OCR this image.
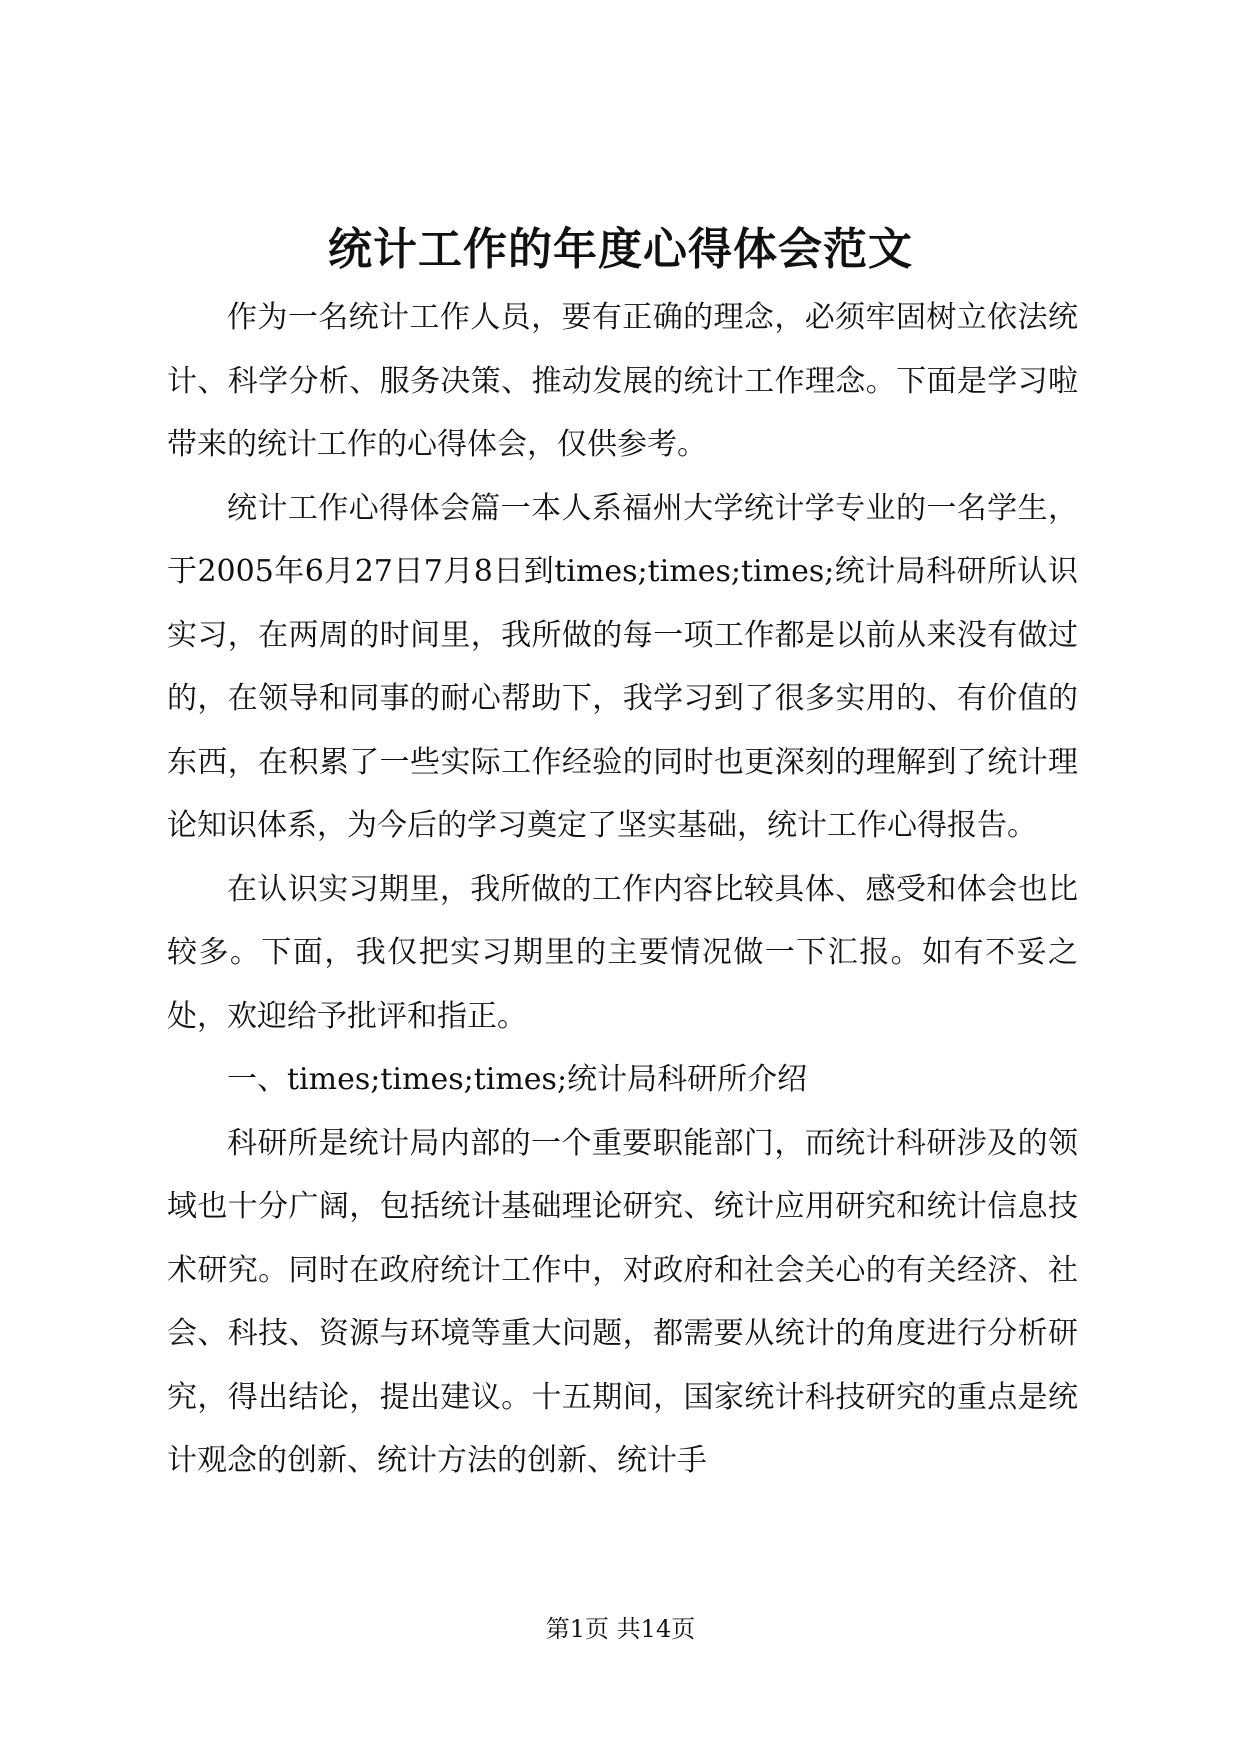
统计工作的年度心得体会范文

作为一名统计工作人员，要有正确的理念，必须牢固树立依法统计、科学分析、服务决策、推动发展的统计工作理念。下面是学习啦带来的统计工作的心得体会，仅供参考。

统计工作心得体会篇一本人系福州大学统计学专业的一名学生，于2005年6月27日7月8日到times;times;times;统计局科研所认识实习，在两周的时间里，我所做的每一项工作都是以前从来没有做过的，在领导和同事的耐心帮助下，我学习到了很多实用的、有价值的东西，在积累了一些实际工作经验的同时也更深刻的理解到了统计理论知识体系，为今后的学习奠定了坚实基础，统计工作心得报告。

在认识实习期里，我所做的工作内容比较具体、感受和体会也比较多。下面，我仅把实习期里的主要情况做一下汇报。如有不妥之处，欢迎给予批评和指正。

一、times;times;times;统计局科研所介绍

科研所是统计局内部的一个重要职能部门，而统计科研涉及的领域也十分广阔，包括统计基础理论研究、统计应用研究和统计信息技术研究。同时在政府统计工作中，对政府和社会关心的有关经济、社会、科技、资源与环境等重大问题，都需要从统计的角度进行分析研究，得出结论，提出建议。十五期间，国家统计科技研究的重点是统计观念的创新、统计方法的创新、统计手

第1页 共14页
